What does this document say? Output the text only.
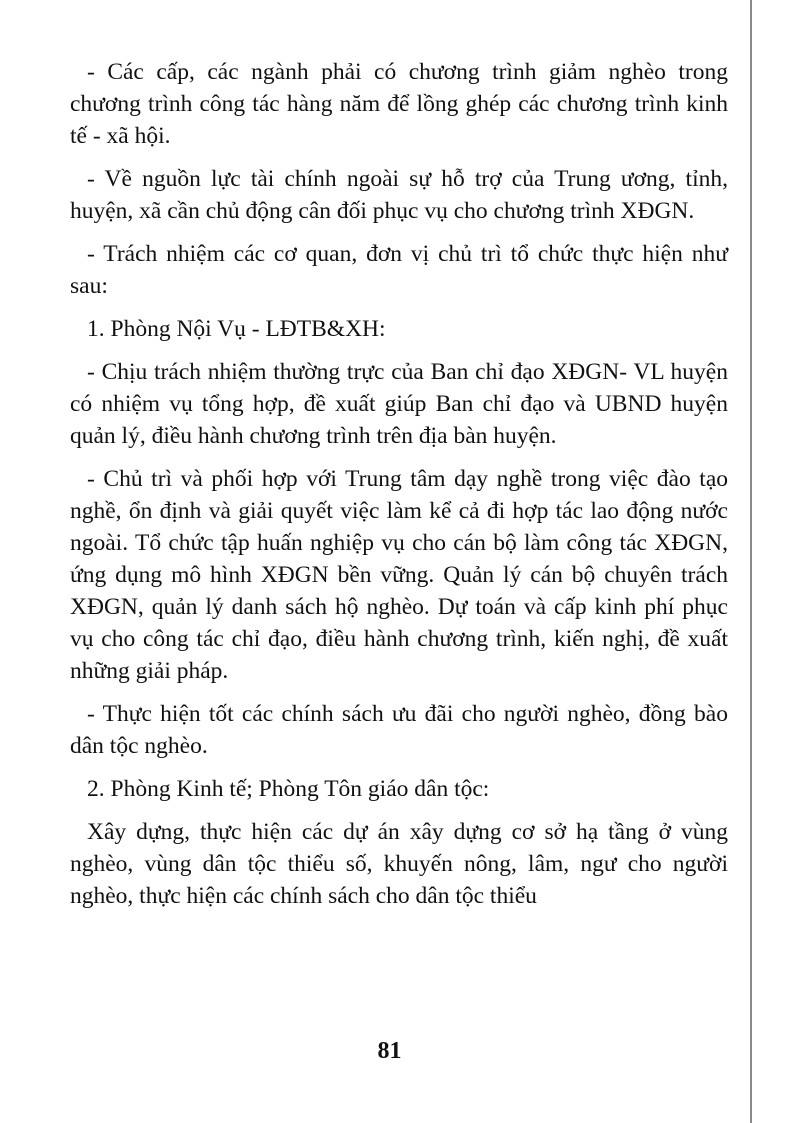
- Các cấp, các ngành phải có chương trình giảm nghèo trong chương trình công tác hàng năm để lồng ghép các chương trình kinh tế - xã hội.

- Về nguồn lực tài chính ngoài sự hỗ trợ của Trung ương, tỉnh, huyện, xã cần chủ động cân đối phục vụ cho chương trình XĐGN.

- Trách nhiệm các cơ quan, đơn vị chủ trì tổ chức thực hiện như sau:

1. Phòng Nội Vụ - LĐTB&XH:

- Chịu trách nhiệm thường trực của Ban chỉ đạo XĐGN- VL huyện có nhiệm vụ tổng hợp, đề xuất giúp Ban chỉ đạo và UBND huyện quản lý, điều hành chương trình trên địa bàn huyện.

- Chủ trì và phối hợp với Trung tâm dạy nghề trong việc đào tạo nghề, ổn định và giải quyết việc làm kể cả đi hợp tác lao động nước ngoài. Tổ chức tập huấn nghiệp vụ cho cán bộ làm công tác XĐGN, ứng dụng mô hình XĐGN bền vững. Quản lý cán bộ chuyên trách XĐGN, quản lý danh sách hộ nghèo. Dự toán và cấp kinh phí phục vụ cho công tác chỉ đạo, điều hành chương trình, kiến nghị, đề xuất những giải pháp.

- Thực hiện tốt các chính sách ưu đãi cho người nghèo, đồng bào dân tộc nghèo.

2. Phòng Kinh tế; Phòng Tôn giáo dân tộc:

Xây dựng, thực hiện các dự án xây dựng cơ sở hạ tầng ở vùng nghèo, vùng dân tộc thiểu số, khuyến nông, lâm, ngư cho người nghèo, thực hiện các chính sách cho dân tộc thiểu

81
